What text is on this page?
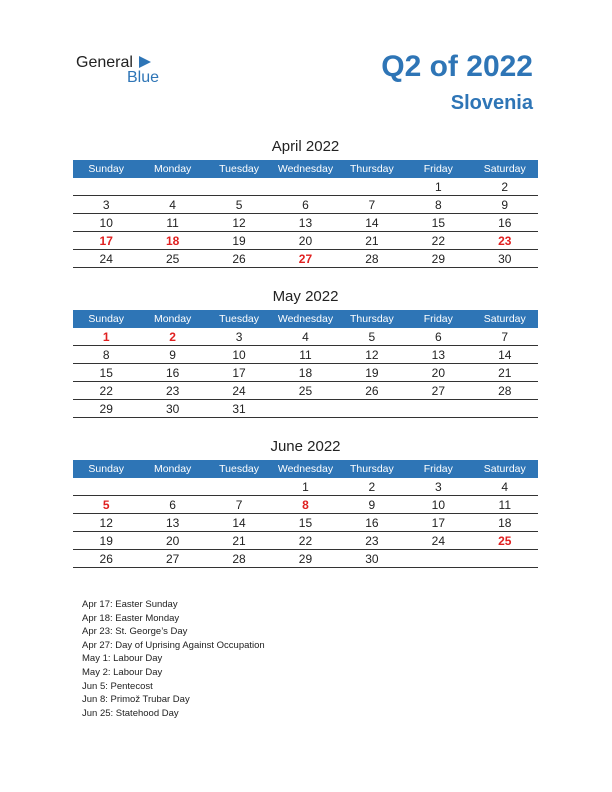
General
Blue	Q2 of 2022
Slovenia
April 2022
Sunday	Monday	Tuesday	Wednesday	Thursday	Friday	Saturday
					1	2
3	4	5	6	7	8	9
10	11	12	13	14	15	16
17	18	19	20	21	22	23
24	25	26	27	28	29	30
May 2022
Sunday	Monday	Tuesday	Wednesday	Thursday	Friday	Saturday
1	2	3	4	5	6	7
8	9	10	11	12	13	14
15	16	17	18	19	20	21
22	23	24	25	26	27	28
29	30	31				
June 2022
Sunday	Monday	Tuesday	Wednesday	Thursday	Friday	Saturday
			1	2	3	4
5	6	7	8	9	10	11
12	13	14	15	16	17	18
19	20	21	22	23	24	25
26	27	28	29	30		
Apr 17: Easter Sunday
Apr 18: Easter Monday
Apr 23: St. George’s Day
Apr 27: Day of Uprising Against Occupation
May 1: Labour Day
May 2: Labour Day
Jun 5: Pentecost
Jun 8: Primož Trubar Day
Jun 25: Statehood Day
